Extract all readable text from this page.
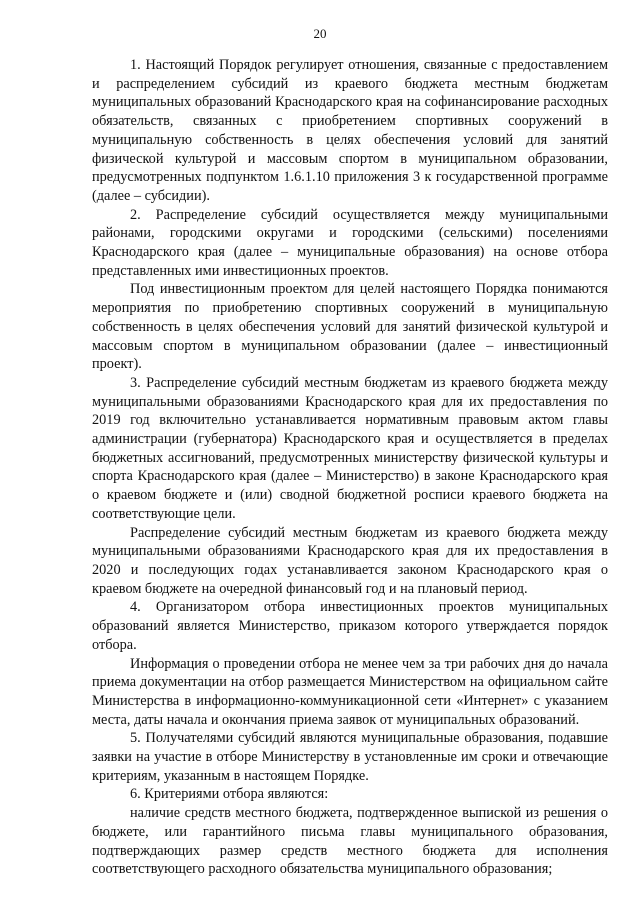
20

1. Настоящий Порядок регулирует отношения, связанные с предоставлением и распределением субсидий из краевого бюджета местным бюджетам муниципальных образований Краснодарского края на софинансирование расходных обязательств, связанных с приобретением спортивных сооружений в муниципальную собственность в целях обеспечения условий для занятий физической культурой и массовым спортом в муниципальном образовании, предусмотренных подпунктом 1.6.1.10 приложения 3 к государственной программе (далее – субсидии).

2. Распределение субсидий осуществляется между муниципальными районами, городскими округами и городскими (сельскими) поселениями Краснодарского края (далее – муниципальные образования) на основе отбора представленных ими инвестиционных проектов.

Под инвестиционным проектом для целей настоящего Порядка понимаются мероприятия по приобретению спортивных сооружений в муниципальную собственность в целях обеспечения условий для занятий физической культурой и массовым спортом в муниципальном образовании (далее – инвестиционный проект).

3. Распределение субсидий местным бюджетам из краевого бюджета между муниципальными образованиями Краснодарского края для их предоставления по 2019 год включительно устанавливается нормативным правовым актом главы администрации (губернатора) Краснодарского края и осуществляется в пределах бюджетных ассигнований, предусмотренных министерству физической культуры и спорта Краснодарского края (далее – Министерство) в законе Краснодарского края о краевом бюджете и (или) сводной бюджетной росписи краевого бюджета на соответствующие цели.

Распределение субсидий местным бюджетам из краевого бюджета между муниципальными образованиями Краснодарского края для их предоставления в 2020 и последующих годах устанавливается законом Краснодарского края о краевом бюджете на очередной финансовый год и на плановый период.

4. Организатором отбора инвестиционных проектов муниципальных образований является Министерство, приказом которого утверждается порядок отбора.

Информация о проведении отбора не менее чем за три рабочих дня до начала приема документации на отбор размещается Министерством на официальном сайте Министерства в информационно-коммуникационной сети «Интернет» с указанием места, даты начала и окончания приема заявок от муниципальных образований.

5. Получателями субсидий являются муниципальные образования, подавшие заявки на участие в отборе Министерству в установленные им сроки и отвечающие критериям, указанным в настоящем Порядке.

6. Критериями отбора являются:

наличие средств местного бюджета, подтвержденное выпиской из решения о бюджете, или гарантийного письма главы муниципального образования, подтверждающих размер средств местного бюджета для исполнения соответствующего расходного обязательства муниципального образования;
